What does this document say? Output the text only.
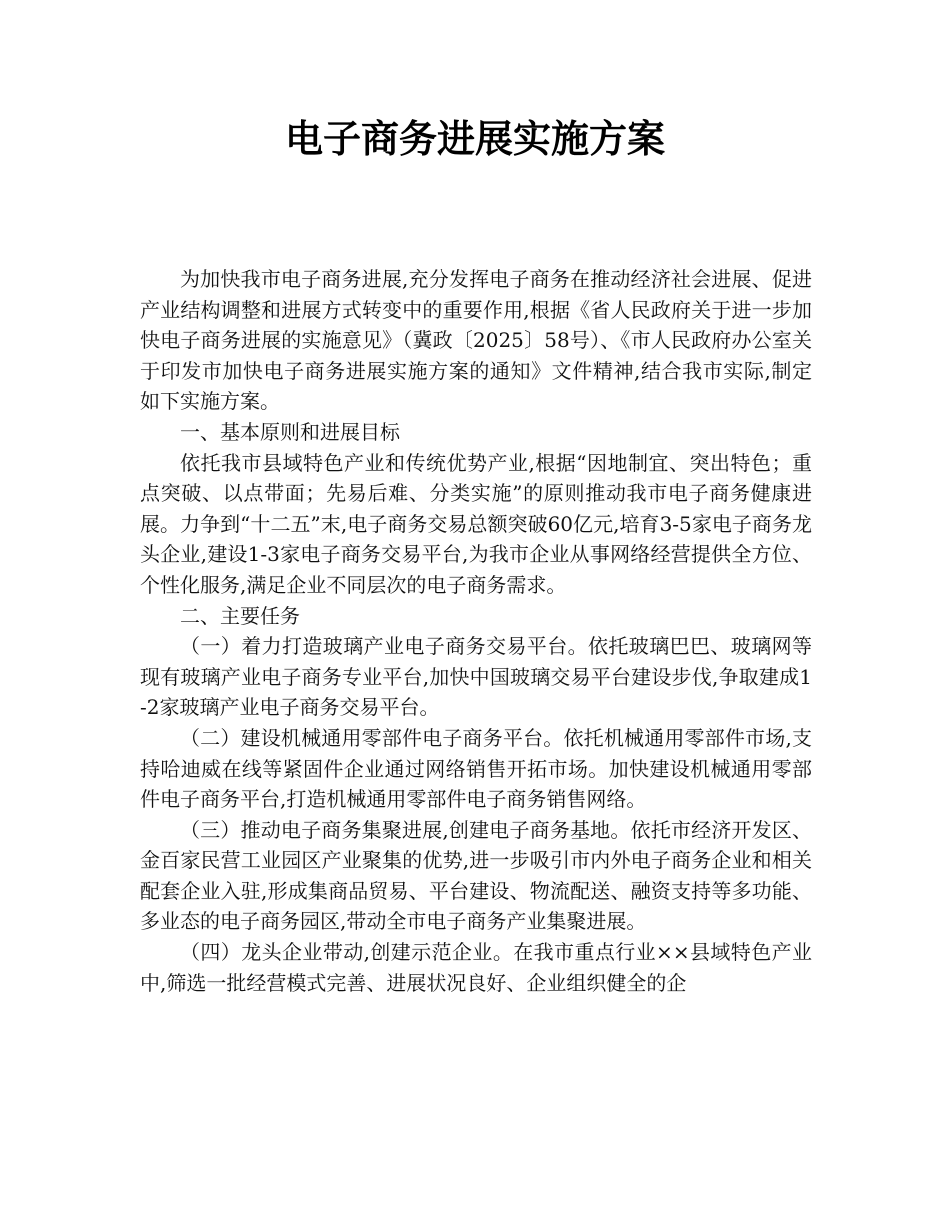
电子商务进展实施方案

为加快我市电子商务进展,充分发挥电子商务在推动经济社会进展、促进产业结构调整和进展方式转变中的重要作用,根据《省人民政府关于进一步加快电子商务进展的实施意见》（冀政〔2025〕58号）、《市人民政府办公室关于印发市加快电子商务进展实施方案的通知》文件精神,结合我市实际,制定如下实施方案。

一、基本原则和进展目标

依托我市县域特色产业和传统优势产业,根据“因地制宜、突出特色；重点突破、以点带面；先易后难、分类实施”的原则推动我市电子商务健康进展。力争到“十二五”末,电子商务交易总额突破60亿元,培育3-5家电子商务龙头企业,建设1-3家电子商务交易平台,为我市企业从事网络经营提供全方位、个性化服务,满足企业不同层次的电子商务需求。

二、主要任务

（一）着力打造玻璃产业电子商务交易平台。依托玻璃巴巴、玻璃网等现有玻璃产业电子商务专业平台,加快中国玻璃交易平台建设步伐,争取建成1-2家玻璃产业电子商务交易平台。

（二）建设机械通用零部件电子商务平台。依托机械通用零部件市场,支持哈迪威在线等紧固件企业通过网络销售开拓市场。加快建设机械通用零部件电子商务平台,打造机械通用零部件电子商务销售网络。

（三）推动电子商务集聚进展,创建电子商务基地。依托市经济开发区、金百家民营工业园区产业聚集的优势,进一步吸引市内外电子商务企业和相关配套企业入驻,形成集商品贸易、平台建设、物流配送、融资支持等多功能、多业态的电子商务园区,带动全市电子商务产业集聚进展。

（四）龙头企业带动,创建示范企业。在我市重点行业××县域特色产业中,筛选一批经营模式完善、进展状况良好、企业组织健全的企
